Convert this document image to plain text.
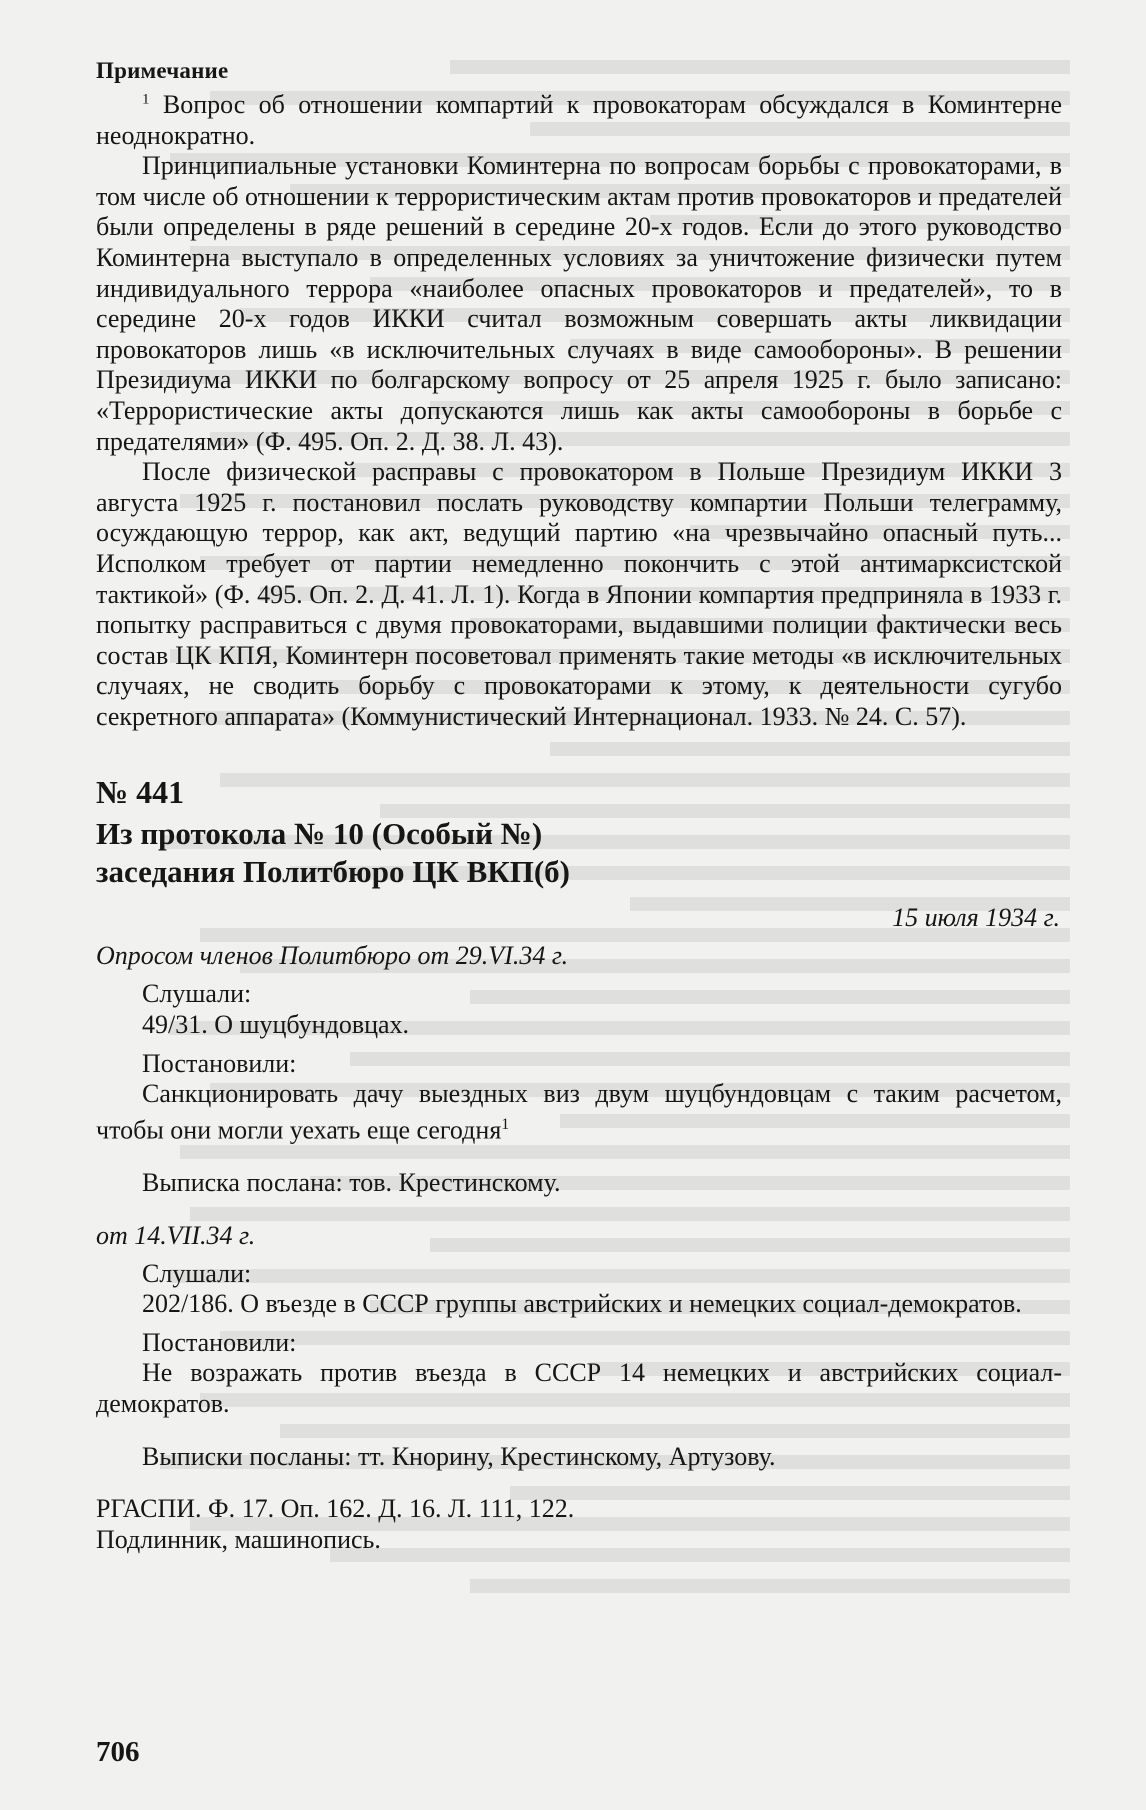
Примечание

$^1$ Вопрос об отношении компартий к провокаторам обсуждался в Коминтерне неоднократно.

Принципиальные установки Коминтерна по вопросам борьбы с провокаторами, в том числе об отношении к террористическим актам против провокаторов и предателей были определены в ряде решений в середине 20-х годов. Если до этого руководство Коминтерна выступало в определенных условиях за уничтожение физически путем индивидуального террора «наиболее опасных провокаторов и предателей», то в середине 20-х годов ИККИ считал возможным совершать акты ликвидации провокаторов лишь «в исключительных случаях в виде самообороны». В решении Президиума ИККИ по болгарскому вопросу от 25 апреля 1925 г. было записано: «Террористические акты допускаются лишь как акты самообороны в борьбе с предателями» (Ф. 495. Оп. 2. Д. 38. Л. 43).

После физической расправы с провокатором в Польше Президиум ИККИ 3 августа 1925 г. постановил послать руководству компартии Польши телеграмму, осуждающую террор, как акт, ведущий партию «на чрезвычайно опасный путь... Исполком требует от партии немедленно покончить с этой антимарксистской тактикой» (Ф. 495. Оп. 2. Д. 41. Л. 1). Когда в Японии компартия предприняла в 1933 г. попытку расправиться с двумя провокаторами, выдавшими полиции фактически весь состав ЦК КПЯ, Коминтерн посоветовал применять такие методы «в исключительных случаях, не сводить борьбу с провокаторами к этому, к деятельности сугубо секретного аппарата» (Коммунистический Интернационал. 1933. № 24. С. 57).

№ 441
Из протокола № 10 (Особый №)
заседания Политбюро ЦК ВКП(б)
15 июля 1934 г.
Опросом членов Политбюро от 29.VI.34 г.

Слушали:

49/31. О шуцбундовцах.

Постановили:

Санкционировать дачу выездных виз двум шуцбундовцам с таким расчетом, чтобы они могли уехать еще сегодня$^1$

Выписка послана: тов. Крестинскому.

от 14.VII.34 г.

Слушали:

202/186. О въезде в СССР группы австрийских и немецких социал-демократов.

Постановили:

Не возражать против въезда в СССР 14 немецких и австрийских социал-демократов.

Выписки посланы: тт. Кнорину, Крестинскому, Артузову.

РГАСПИ. Ф. 17. Оп. 162. Д. 16. Л. 111, 122.

Подлинник, машинопись.

706
